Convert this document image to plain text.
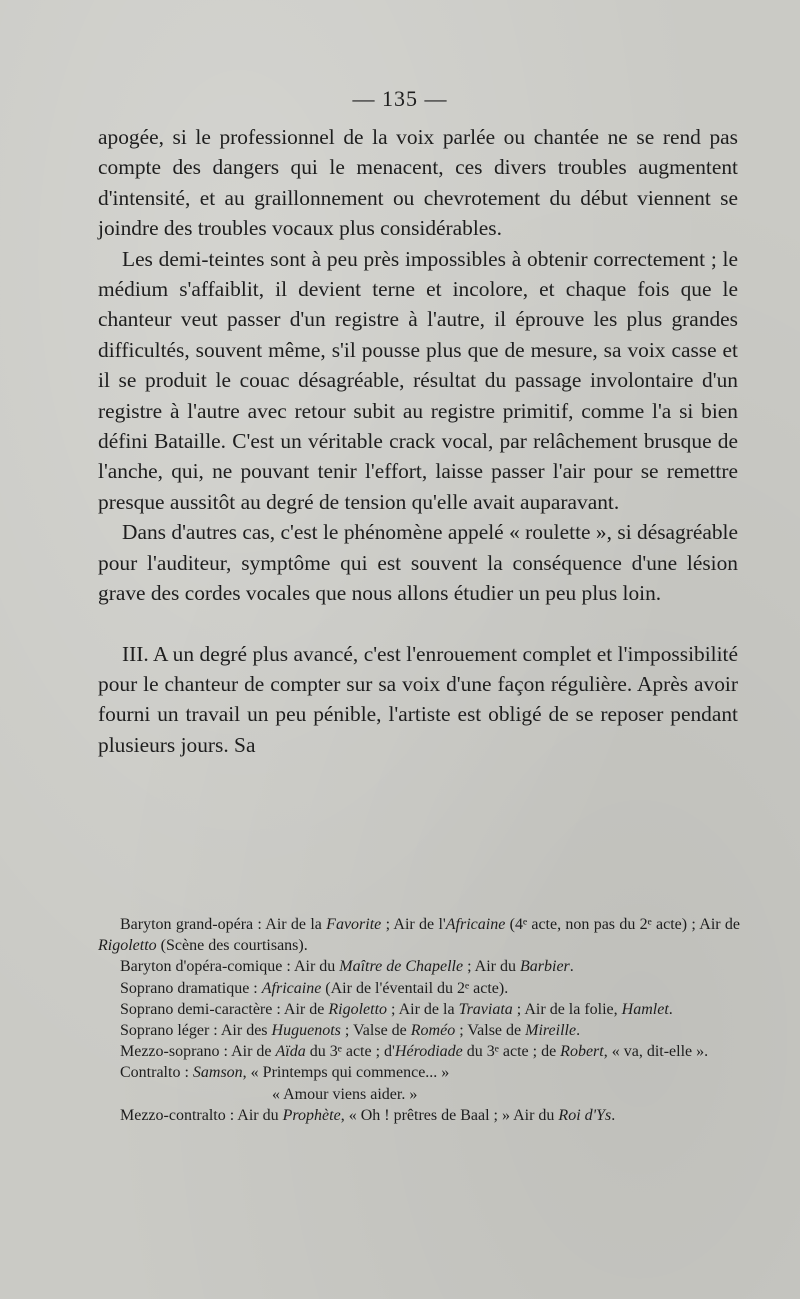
— 135 —

apogée, si le professionnel de la voix parlée ou chantée ne se rend pas compte des dangers qui le menacent, ces divers troubles augmentent d'intensité, et au graillonnement ou chevrotement du début viennent se joindre des troubles vocaux plus considérables.

Les demi-teintes sont à peu près impossibles à obtenir correctement ; le médium s'affaiblit, il devient terne et incolore, et chaque fois que le chanteur veut passer d'un registre à l'autre, il éprouve les plus grandes difficultés, souvent même, s'il pousse plus que de mesure, sa voix casse et il se produit le couac désagréable, résultat du passage involontaire d'un registre à l'autre avec retour subit au registre primitif, comme l'a si bien défini Bataille. C'est un véritable crack vocal, par relâchement brusque de l'anche, qui, ne pouvant tenir l'effort, laisse passer l'air pour se remettre presque aussitôt au degré de tension qu'elle avait auparavant.

Dans d'autres cas, c'est le phénomène appelé « roulette », si désagréable pour l'auditeur, symptôme qui est souvent la conséquence d'une lésion grave des cordes vocales que nous allons étudier un peu plus loin.

III. A un degré plus avancé, c'est l'enrouement complet et l'impossibilité pour le chanteur de compter sur sa voix d'une façon régulière. Après avoir fourni un travail un peu pénible, l'artiste est obligé de se reposer pendant plusieurs jours. Sa

Baryton grand-opéra : Air de la Favorite ; Air de l'Africaine (4ᵉ acte, non pas du 2ᵉ acte) ; Air de Rigoletto (Scène des courtisans).

Baryton d'opéra-comique : Air du Maître de Chapelle ; Air du Barbier.

Soprano dramatique : Africaine (Air de l'éventail du 2ᵉ acte).

Soprano demi-caractère : Air de Rigoletto ; Air de la Traviata ; Air de la folie, Hamlet.

Soprano léger : Air des Huguenots ; Valse de Roméo ; Valse de Mireille.

Mezzo-soprano : Air de Aïda du 3ᵉ acte ; d'Hérodiade du 3ᵉ acte ; de Robert, « va, dit-elle ».

Contralto : Samson, « Printemps qui commence... »

« Amour viens aider. »

Mezzo-contralto : Air du Prophète, « Oh ! prêtres de Baal ; » Air du Roi d'Ys.
